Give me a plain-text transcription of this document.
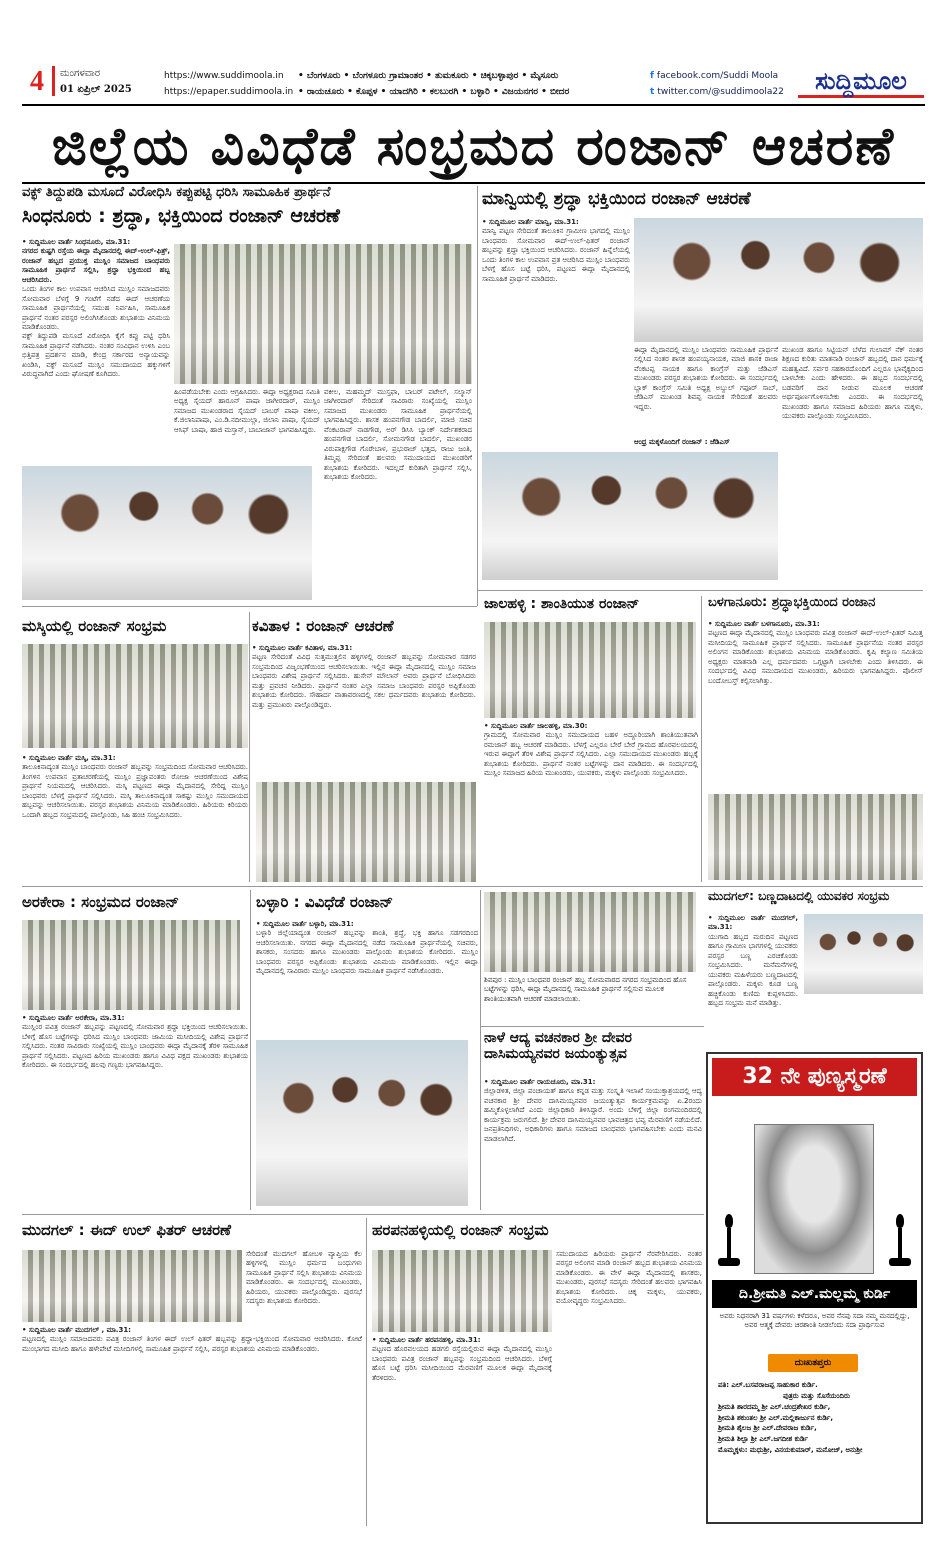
4 ಮಂಗಳವಾರ
01 ಏಪ್ರಿಲ್ 2025
https://www.suddimoola.in
https://epaper.suddimoola.in
• ಬೆಂಗಳೂರು • ಬೆಂಗಳೂರು ಗ್ರಾಮಾಂತರ • ತುಮಕೂರು • ಚಿಕ್ಕಬಳ್ಳಾಪುರ • ಮೈಸೂರು
• ರಾಯಚೂರು • ಕೊಪ್ಪಳ • ಯಾದಗಿರಿ • ಕಲಬುರಗಿ • ಬಳ್ಳಾರಿ • ವಿಜಯನಗರ • ಬೀದರ
f facebook.com/Suddi Moola
t twitter.com/@suddimoola22	ಸುದ್ದಿಮೂಲ
ಜಿಲ್ಲೆಯ ವಿವಿಧೆಡೆ ಸಂಭ್ರಮದ ರಂಜಾನ್ ಆಚರಣೆ
ವಕ್ಫ್ ತಿದ್ದುಪಡಿ ಮಸೂದೆ ವಿರೋಧಿಸಿ ಕಪ್ಪುಪಟ್ಟಿ ಧರಿಸಿ ಸಾಮೂಹಿಕ ಪ್ರಾರ್ಥನೆ
ಸಿಂಧನೂರು : ಶ್ರದ್ಧಾ, ಭಕ್ತಿಯಿಂದ ರಂಜಾನ್ ಆಚರಣೆ
• ಸುದ್ದಿಮೂಲ ವಾರ್ತೆ ಸಿಂಧನೂರು, ಮಾ.31:
ನಗರದ ಕುಷ್ಟಗಿ ರಸ್ತೆಯ ಈದ್ಗಾ ಮೈದಾನದಲ್ಲಿ ಈದ್-ಉಲ್-ಫಿತ್ರ್, ರಂಜಾನ್ ಹಬ್ಬದ ಪ್ರಯುಕ್ತ ಮುಸ್ಲಿಂ ಸಮಾಜದ ಬಾಂಧವರು ಸಾಮೂಹಿಕ ಪ್ರಾರ್ಥನೆ ಸಲ್ಲಿಸಿ, ಶ್ರದ್ಧಾ ಭಕ್ತಿಯಿಂದ ಹಬ್ಬ ಆಚರಿಸಿದರು.
ಒಂದು ತಿಂಗಳ ಕಾಲ ಉಪವಾಸ ಆಚರಿಸಿದ ಮುಸ್ಲಿಂ ಸಮಾಜದವರು ಸೋಮವಾರ ಬೆಳಗ್ಗೆ 9 ಗಂಟೆಗೆ ನಡೆದ ಈದ್ ಆಚರಣೆಯ ಸಾಮೂಹಿಕ ಪ್ರಾರ್ಥನೆಯಲ್ಲಿ ಸಮುಹ ನಿರ್ವಹಿಸಿ, ಸಾಮೂಹಿಕ ಪ್ರಾರ್ಥನೆ ನಂತರ ಪರಸ್ಪರ ಅಲಿಂಗಿಸಿಕೊಂಡು ಶುಭಾಶಯ ವಿನಿಮಯ ಮಾಡಿಕೊಂಡರು.
ವಕ್ಫ್ ತಿದ್ದುಪಡಿ ಮಸೂದೆ ವಿರೋಧಿಸಿ ಕೈಗೆ ಕಪ್ಪು ಪಟ್ಟಿ ಧರಿಸಿ ಸಾಮೂಹಿಕ ಪ್ರಾರ್ಥನೆ ನಡೆಸಿದರು. ನಂತರ ಸಂವಿಧಾನ ಉಳಿಸಿ ಎಂಬ ಭಿತ್ತಿಪತ್ರ ಪ್ರದರ್ಶನ ಮಾಡಿ, ಕೇಂದ್ರ ಸರ್ಕಾರದ ಅನ್ಯಾಯವನ್ನು ಖಂಡಿಸಿ, ವಕ್ಫ್ ಮಸೂದೆ ಮುಸ್ಲಿಂ ಸಮುದಾಯದ ಹಕ್ಕುಗಳಿಗೆ ವಿರುದ್ಧವಾಗಿದೆ ಎಂದು ಘೋಷಣೆ ಕೂಗಿದರು.
ಹಿಂಪಡೆಯಬೇಕು ಎಂದು ಆಗ್ರಹಿಸಿದರು. ಈದ್ಗಾ ಅಧ್ಯಕ್ಷರಾದ ಸಮಿತಿ ಅಧ್ಯಕ್ಷ ಸೈಯದ್ ಹಾರೂನ್ ಪಾಷಾ ಜಾಗೀರದಾರ್, ಮುಸ್ಲಿಂ ಸಮಾಜದ ಮುಖಂಡರಾದ ಸೈಯದ್ ಬಾಬರ್ ಪಾಷಾ ವಕೀಲ, ಕೆ.ಜಿಲಾನಿಪಾಷಾ, ಎಂ.ಡಿ.ನದೀಮುಲ್ಲಾ, ಜಿಲಾನಿ ಪಾಷಾ, ಸೈಯದ್ ಆಸಿಫ್ ಬಾಷಾ, ಹಾಜಿ ಮಸ್ತಾನ್, ಬಾಬಾಜಾನ್ ಭಾಗವಹಿಸಿದ್ದರು.
ವಕೀಲ, ಮಹಮ್ಮದ್ ಮುಸ್ತಫಾ, ಬಾಬರ್ ಪಟೇಲ್, ಸಲ್ಮಾನ್ ಜಾಗೀರದಾರ್ ಸೇರಿದಂತೆ ಸಾವಿರಾರು ಸಂಖ್ಯೆಯಲ್ಲಿ ಮುಸ್ಲಿಂ ಸಮಾಜದ ಮುಖಂಡರು ಸಾಮೂಹಿಕ ಪ್ರಾರ್ಥನೆಯಲ್ಲಿ ಭಾಗವಹಿಸಿದ್ದರು. ಶಾಸಕ ಹಂಪನಗೌಡ ಬಾದರ್ಲಿ, ಮಾಜಿ ಸಚಿವ ವೆಂಕಟರಾವ್ ನಾಡಗೌಡ, ಅರ್ ಡಿಸಿಸಿ ಬ್ಯಾಂಕ್ ನಿರ್ದೇಶಕರಾದ ಹಂಪನಗೌಡ ಬಾದರ್ಲಿ, ಸೋಮನಗೌಡ ಬಾದರ್ಲಿ, ಮುಖಂಡರ ವಿರುಪಾಕ್ಷಗೌಡ ಗೊರೇಬಾಳ, ಪ್ರಭುರಾಜ್ ಭತ್ತದ, ರಾಜು ಜಂತಿ, ತಿಮ್ಮಪ್ಪ ಸೇರಿದಂತೆ ಹಲವರು ಸಮುದಾಯದ ಮುಖಂಡರಿಗೆ ಶುಭಾಶಯ ಕೋರಿದರು. ಇದಲ್ಲದೆ ಕುರಿತಾಗಿ ಪ್ರಾರ್ಥನೆ ಸಲ್ಲಿಸಿ, ಶುಭಾಶಯ ಕೋರಿದರು.
ಮಾನ್ವಿಯಲ್ಲಿ ಶ್ರದ್ಧಾ ಭಕ್ತಿಯಿಂದ ರಂಜಾನ್ ಆಚರಣೆ
• ಸುದ್ದಿಮೂಲ ವಾರ್ತೆ ಮಾನ್ವಿ, ಮಾ.31:
ಮಾನ್ವಿ ಪಟ್ಟಣ ಸೇರಿದಂತೆ ತಾಲೂಕಿನ ಗ್ರಾಮೀಣ ಭಾಗದಲ್ಲಿ ಮುಸ್ಲಿಂ ಬಾಂಧವರು ಸೋಮವಾರ ಈದ್-ಉಲ್-ಫಿತರ್ ರಂಜಾನ್ ಹಬ್ಬವನ್ನು ಶ್ರದ್ಧಾ ಭಕ್ತಿಯಿಂದ ಆಚರಿಸಿದರು. ರಂಜಾನ್ ಹಿನ್ನೆಲೆಯಲ್ಲಿ ಒಂದು ತಿಂಗಳ ಕಾಲ ಉಪವಾಸ ವ್ರತ ಆಚರಿಸಿದ ಮುಸ್ಲಿಂ ಬಾಂಧವರು ಬೆಳಗ್ಗೆ ಹೊಸ ಬಟ್ಟೆ ಧರಿಸಿ, ಪಟ್ಟಣದ ಈದ್ಗಾ ಮೈದಾನದಲ್ಲಿ ಸಾಮೂಹಿಕ ಪ್ರಾರ್ಥನೆ ಮಾಡಿದರು.
ಈದ್ಗಾ ಮೈದಾನದಲ್ಲಿ ಮುಸ್ಲಿಂ ಬಾಂಧವರು ಸಾಮೂಹಿಕ ಪ್ರಾರ್ಥನೆ ಸಲ್ಲಿಸಿದ ನಂತರ ಶಾಸಕ ಹಂಪಯ್ಯನಾಯಕ, ಮಾಜಿ ಶಾಸಕ ರಾಜಾ ವೆಂಕಟಪ್ಪ ನಾಯಕ ಹಾಗೂ ಕಾಂಗ್ರೆಸ್ ಮತ್ತು ಜೆಡಿಎಸ್ ಮುಖಂಡರು ಪರಸ್ಪರ ಶುಭಾಶಯ ಕೋರಿದರು. ಈ ಸಂದರ್ಭದಲ್ಲಿ ಬ್ಲಾಕ್ ಕಾಂಗ್ರೆಸ್ ಸಮಿತಿ ಅಧ್ಯಕ್ಷ ಅಬ್ದುಲ್ ಗಫೂರ್ ಸಾಬ್, ಜೆಡಿಎಸ್ ಮುಖಂಡ ಶಿವಪ್ಪ ನಾಯಕ ಸೇರಿದಂತೆ ಹಲವರು ಇದ್ದರು.
ಮುಖಂಡ ಹಾಗೂ ಸಿಟ್ಟಿಯನ್ ಬೆಳೆದ ಗುಲಾಮ್ ನೆಕ್ ನಂತರ ಶಿಕ್ಷಣದ ಕುರಿತು ಮಾತನಾಡಿ ರಂಜಾನ್ ಹಬ್ಬದಲ್ಲಿ ದಾನ ಧರ್ಮಕ್ಕೆ ಮಹತ್ವವಿದೆ. ಸರ್ವರ ಸಹಕಾರದೊಂದಿಗೆ ಎಲ್ಲರೂ ಭಾವೈಕ್ಯದಿಂದ ಬಾಳಬೇಕು ಎಂದು ಹೇಳಿದರು. ಈ ಹಬ್ಬದ ಸಂದರ್ಭದಲ್ಲಿ ಬಡವರಿಗೆ ದಾನ ನೀಡುವ ಮೂಲಕ ಆಚರಣೆ ಅರ್ಥಪೂರ್ಣಗೊಳಿಸಬೇಕು ಎಂದರು. ಈ ಸಂದರ್ಭದಲ್ಲಿ ಮುಖಂಡರು ಹಾಗೂ ಸಮಾಜದ ಹಿರಿಯರು ಹಾಗೂ ಮಕ್ಕಳು, ಯುವಕರು ಪಾಲ್ಗೊಂಡು ಸಂಭ್ರಮಿಸಿದರು.
ಆಂಧ್ರ ಮಕ್ಕಳೊಂದಿಗೆ ರಂಜಾನ್ : ಜೆಡಿಎಸ್
ಮಸ್ಕಿಯಲ್ಲಿ ರಂಜಾನ್ ಸಂಭ್ರಮ
• ಸುದ್ದಿಮೂಲ ವಾರ್ತೆ ಮಸ್ಕಿ, ಮಾ.31:
ತಾಲೂಕಿನಾದ್ಯಂತ ಮುಸ್ಲಿಂ ಬಾಂಧವರು ರಂಜಾನ್ ಹಬ್ಬವನ್ನು ಸಂಭ್ರಮದಿಂದ ಸೋಮವಾರ ಆಚರಿಸಿದರು. ತಿಂಗಳಿನ ಉಪವಾಸ ವ್ರತಾಚರಣೆಯಲ್ಲಿ ಮುಸ್ಲಿಂ ಪ್ರಜ್ಞಾವಂತರು ರೋಜಾ ಆಚರಣೆಯಿಂದ ವಿಶೇಷ ಪ್ರಾರ್ಥನೆ ನಿಯಮದಲ್ಲಿ ಆಚರಿಸಿದರು. ಮಸ್ಕಿ ಪಟ್ಟಣದ ಈದ್ಗಾ ಮೈದಾನದಲ್ಲಿ ಸೇರಿದ್ದ ಮುಸ್ಲಿಂ ಬಾಂಧವರು ಬೆಳಗ್ಗೆ ಪ್ರಾರ್ಥನೆ ಸಲ್ಲಿಸಿದರು. ಮಸ್ಕಿ ತಾಲೂಕಿನಾದ್ಯಂತ ಸಾಕಷ್ಟು ಮುಸ್ಲಿಂ ಸಮುದಾಯದ ಹಬ್ಬವನ್ನು ಆಚರಿಸಲಾಯಿತು. ಪರಸ್ಪರ ಶುಭಾಶಯ ವಿನಿಮಯ ಮಾಡಿಕೊಂಡರು. ಹಿರಿಯರು ಕಿರಿಯರು ಒಂದಾಗಿ ಹಬ್ಬದ ಸಂಭ್ರಮದಲ್ಲಿ ಪಾಲ್ಗೊಂಡು, ಸಿಹಿ ಹಂಚಿ ಸಂಭ್ರಮಿಸಿದರು.
ಕವಿತಾಳ : ರಂಜಾನ್ ಆಚರಣೆ
• ಸುದ್ದಿಮೂಲ ವಾರ್ತೆ ಕವಿತಾಳ, ಮಾ.31:
ಪಟ್ಟಣ ಸೇರಿದಂತೆ ವಿವಿಧ ಸುತ್ತಮುತ್ತಲಿನ ಹಳ್ಳಿಗಳಲ್ಲಿ ರಂಜಾನ್ ಹಬ್ಬವನ್ನು ಸೋಮವಾರ ಸಡಗರ ಸಂಭ್ರಮದಿಂದ ವಿಜೃಂಭಣೆಯಿಂದ ಆಚರಿಸಲಾಯಿತು. ಇಲ್ಲಿನ ಈದ್ಗಾ ಮೈದಾನದಲ್ಲಿ ಮುಸ್ಲಿಂ ಸಮಾಜ ಬಾಂಧವರು ವಿಶೇಷ ಪ್ರಾರ್ಥನೆ ಸಲ್ಲಿಸಿದರು. ಹುಸೇನ್ ಮೌಲಾನ್ ಅವರು ಪ್ರಾರ್ಥನೆ ಬೋಧಿಸಿದರು ಮತ್ತು ಪ್ರವಚನ ನೀಡಿದರು. ಪ್ರಾರ್ಥನೆ ನಂತರ ಎಲ್ಲಾ ಸಮಾಜ ಬಾಂಧವರು ಪರಸ್ಪರ ಅಪ್ಪಿಕೊಂಡು ಶುಭಾಶಯ ಕೋರಿದರು. ಸೌಹಾರ್ದ ವಾತಾವರಣದಲ್ಲಿ ಸಕಲ ಧರ್ಮದವರು ಶುಭಾಶಯ ಕೋರಿದರು. ಮತ್ತು ಪ್ರಮುಖರು ಪಾಲ್ಗೊಂಡಿದ್ದರು.
ಜಾಲಹಳ್ಳಿ : ಶಾಂತಿಯುತ ರಂಜಾನ್
• ಸುದ್ದಿಮೂಲ ವಾರ್ತೆ ಜಾಲಹಳ್ಳಿ, ಮಾ.30:
ಗ್ರಾಮದಲ್ಲಿ ಸೋಮವಾರ ಮುಸ್ಲಿಂ ಸಮುದಾಯದ ಬಹಳ ಅದ್ದೂರಿಯಾಗಿ ಶಾಂತಿಯುತವಾಗಿ ರಮಜಾನ್ ಹಬ್ಬ ಆಚರಣೆ ಮಾಡಿದರು. ಬೆಳಗ್ಗೆ ಎಲ್ಲರೂ ಬೇರೆ ಬೇರೆ ಗ್ರಾಮದ ಹೊರವಲಯದಲ್ಲಿ ಇರುವ ಈದ್ಗಾಗೆ ತೆರಳಿ ವಿಶೇಷ ಪ್ರಾರ್ಥನೆ ಸಲ್ಲಿಸಿದರು. ಎಲ್ಲಾ ಸಮುದಾಯದ ಮುಖಂಡರು ಹಬ್ಬಕ್ಕೆ ಶುಭಾಶಯ ಕೋರಿದರು. ಪ್ರಾರ್ಥನೆ ನಂತರ ಬಟ್ಟೆಗಳನ್ನು ದಾನ ಮಾಡಿದರು. ಈ ಸಂದರ್ಭದಲ್ಲಿ ಮುಸ್ಲಿಂ ಸಮಾಜದ ಹಿರಿಯ ಮುಖಂಡರು, ಯುವಕರು, ಮಕ್ಕಳು ಪಾಲ್ಗೊಂಡು ಸಂಭ್ರಮಿಸಿದರು.
ಬಳಗಾನೂರು: ಶ್ರದ್ಧಾಭಕ್ತಿಯಿಂದ ರಂಜಾನ
• ಸುದ್ದಿಮೂಲ ವಾರ್ತೆ ಬಳಗಾನೂರು, ಮಾ.31:
ಪಟ್ಟಣದ ಈದ್ಗಾ ಮೈದಾನದಲ್ಲಿ ಮುಸ್ಲಿಂ ಬಾಂಧವರು ಪವಿತ್ರ ರಂಜಾನ್ ಈದ್-ಉಲ್-ಫಿತರ್ ನಿಮಿತ್ತ ಮಸೀದಿಯಲ್ಲಿ ಸಾಮೂಹಿಕ ಪ್ರಾರ್ಥನೆ ಸಲ್ಲಿಸಿದರು. ಸಾಮೂಹಿಕ ಪ್ರಾರ್ಥನೆಯ ನಂತರ ಪರಸ್ಪರ ಅಲಿಂಗನ ಮಾಡಿಕೊಂಡು ಶುಭಾಶಯ ವಿನಿಮಯ ಮಾಡಿಕೊಂಡರು. ಕೃಷಿ ಕಲ್ಯಾಣ ಸಮಿತಿಯ ಅಧ್ಯಕ್ಷರು ಮಾತನಾಡಿ ಎಲ್ಲ ಧರ್ಮದವರು ಒಗ್ಗಟ್ಟಾಗಿ ಬಾಳಬೇಕು ಎಂದು ತಿಳಿಸಿದರು. ಈ ಸಂದರ್ಭದಲ್ಲಿ ವಿವಿಧ ಸಮುದಾಯದ ಮುಖಂಡರು, ಹಿರಿಯರು ಭಾಗವಹಿಸಿದ್ದರು. ಪೊಲೀಸ್ ಬಂದೋಬಸ್ತ್ ಕಲ್ಪಿಸಲಾಗಿತ್ತು.
ಅರಕೇರಾ : ಸಂಭ್ರಮದ ರಂಜಾನ್
• ಸುದ್ದಿಮೂಲ ವಾರ್ತೆ ಅರಕೇರಾ, ಮಾ.31:
ಮುಸ್ಲಿಂರ ಪವಿತ್ರ ರಂಜಾನ್ ಹಬ್ಬವನ್ನು ಪಟ್ಟಣದಲ್ಲಿ ಸೋಮವಾರ ಶ್ರದ್ಧಾ ಭಕ್ತಿಯಿಂದ ಆಚರಿಸಲಾಯಿತು. ಬೆಳಿಗ್ಗೆ ಹೊಸ ಬಟ್ಟೆಗಳನ್ನು ಧರಿಸಿದ ಮುಸ್ಲಿಂ ಬಾಂಧವರು ಜಾಮಿಯ ಮಸೀದಿಯಲ್ಲಿ ವಿಶೇಷ ಪ್ರಾರ್ಥನೆ ಸಲ್ಲಿಸಿದರು. ನಂತರ ಸಾವಿರಾರು ಸಂಖ್ಯೆಯಲ್ಲಿ ಮುಸ್ಲಿಂ ಬಾಂಧವರು ಈದ್ಗಾ ಮೈದಾನಕ್ಕೆ ತೆರಳಿ ಸಾಮೂಹಿಕ ಪ್ರಾರ್ಥನೆ ಸಲ್ಲಿಸಿದರು. ಪಟ್ಟಣದ ಹಿರಿಯ ಮುಖಂಡರು ಹಾಗೂ ವಿವಿಧ ಪಕ್ಷದ ಮುಖಂಡರು ಶುಭಾಶಯ ಕೋರಿದರು. ಈ ಸಂದರ್ಭದಲ್ಲಿ ಹಲವು ಗಣ್ಯರು ಭಾಗವಹಿಸಿದ್ದರು.
ಬಳ್ಳಾರಿ : ವಿವಿಧೆಡೆ ರಂಜಾನ್
• ಸುದ್ದಿಮೂಲ ವಾರ್ತೆ ಬಳ್ಳಾರಿ, ಮಾ.31:
ಬಳ್ಳಾರಿ ಜಿಲ್ಲೆಯಾದ್ಯಂತ ರಂಜಾನ್ ಹಬ್ಬವನ್ನು ಶಾಂತಿ, ಶ್ರದ್ಧೆ, ಭಕ್ತಿ ಹಾಗೂ ಸಡಗರದಿಂದ ಆಚರಿಸಲಾಯಿತು. ನಗರದ ಈದ್ಗಾ ಮೈದಾನದಲ್ಲಿ ನಡೆದ ಸಾಮೂಹಿಕ ಪ್ರಾರ್ಥನೆಯಲ್ಲಿ ಸಚಿವರು, ಶಾಸಕರು, ಸಂಸದರು ಹಾಗೂ ಮುಖಂಡರು ಪಾಲ್ಗೊಂಡು ಶುಭಾಶಯ ಕೋರಿದರು. ಮುಸ್ಲಿಂ ಬಾಂಧವರು ಪರಸ್ಪರ ಅಪ್ಪಿಕೊಂಡು ಶುಭಾಶಯ ವಿನಿಮಯ ಮಾಡಿಕೊಂಡರು. ಇಲ್ಲಿನ ಈದ್ಗಾ ಮೈದಾನದಲ್ಲಿ ಸಾವಿರಾರು ಮುಸ್ಲಿಂ ಬಾಂಧವರು ಸಾಮೂಹಿಕ ಪ್ರಾರ್ಥನೆ ನಡೆಸಿಕೊಂಡರು.
ಶಿವಪುರ : ಮುಸ್ಲಿಂ ಬಾಂಧವರ ರಂಜಾನ್ ಹಬ್ಬ ಸೋಮವಾರದ ನಗರದ ಸಂಭ್ರಮದಿಂದ ಹೊಸ ಬಟ್ಟೆಗಳನ್ನು ಧರಿಸಿ, ಈದ್ಗಾ ಮೈದಾನದಲ್ಲಿ ಸಾಮೂಹಿಕ ಪ್ರಾರ್ಥನೆ ಸಲ್ಲಿಸುವ ಮೂಲಕ ಶಾಂತಿಯುತವಾಗಿ ಆಚರಣೆ ಮಾಡಲಾಯಿತು.
ಮುದಗಲ್: ಬಣ್ಣದಾಟದಲ್ಲಿ ಯುವಕರ ಸಂಭ್ರಮ
• ಸುದ್ದಿಮೂಲ ವಾರ್ತೆ ಮುದಗಲ್, ಮಾ.31:
ಯುಗಾದಿ ಹಬ್ಬದ ಮರುದಿನ ಪಟ್ಟಣದ ಹಾಗೂ ಗ್ರಾಮೀಣ ಭಾಗಗಳಲ್ಲಿ ಯುವಕರು ಪರಸ್ಪರ ಬಣ್ಣ ಎರಚಿಕೊಂಡು ಸಂಭ್ರಮಿಸಿದರು. ಮನೆಮನೆಗಳಲ್ಲಿ ಯುವಕರು ಮಹಿಳೆಯರು ಬಣ್ಣದಾಟದಲ್ಲಿ ಪಾಲ್ಗೊಂಡರು. ಮಕ್ಕಳು ಕೂಡ ಬಣ್ಣ ಹಚ್ಚಿಕೊಂಡು ಕುಣಿದು ಕುಪ್ಪಳಿಸಿದರು. ಹಬ್ಬದ ಸಂಭ್ರಮ ಮನೆ ಮಾಡಿತ್ತು.
ನಾಳೆ ಆದ್ಯ ವಚನಕಾರ ಶ್ರೀ ದೇವರ ದಾಸಿಮಯ್ಯನವರ ಜಯಂತ್ಯುತ್ಸವ
• ಸುದ್ದಿಮೂಲ ವಾರ್ತೆ ರಾಯಚೂರು, ಮಾ.31:
ಜಿಲ್ಲಾಡಳಿತ, ಜಿಲ್ಲಾ ಪಂಚಾಯತ್ ಹಾಗೂ ಕನ್ನಡ ಮತ್ತು ಸಂಸ್ಕೃತಿ ಇಲಾಖೆ ಸಂಯುಕ್ತಾಶ್ರಯದಲ್ಲಿ ಆದ್ಯ ವಚನಕಾರ ಶ್ರೀ ದೇವರ ದಾಸಿಮಯ್ಯನವರ ಜಯಂತ್ಯುತ್ಸವ ಕಾರ್ಯಕ್ರಮವನ್ನು ಏ.2ರಂದು ಹಮ್ಮಿಕೊಳ್ಳಲಾಗಿದೆ ಎಂದು ಜಿಲ್ಲಾಧಿಕಾರಿ ತಿಳಿಸಿದ್ದಾರೆ. ಅಂದು ಬೆಳಿಗ್ಗೆ ಜಿಲ್ಲಾ ರಂಗಮಂದಿರದಲ್ಲಿ ಕಾರ್ಯಕ್ರಮ ಜರುಗಲಿದೆ. ಶ್ರೀ ದೇವರ ದಾಸಿಮಯ್ಯನವರ ಭಾವಚಿತ್ರದ ಭವ್ಯ ಮೆರವಣಿಗೆ ನಡೆಯಲಿದೆ. ಜನಪ್ರತಿನಿಧಿಗಳು, ಅಧಿಕಾರಿಗಳು ಹಾಗೂ ಸಮಾಜದ ಬಾಂಧವರು ಭಾಗವಹಿಸಬೇಕು ಎಂದು ಮನವಿ ಮಾಡಲಾಗಿದೆ.
ಮುದಗಲ್ : ಈದ್ ಉಲ್ ಫಿತರ್ ಆಚರಣೆ
ಸೇರಿದಂತೆ ಮುದಗಲ್ ಹೋಬಳಿ ವ್ಯಾಪ್ತಿಯ ಕೆಲ ಹಳ್ಳಿಗಳಲ್ಲಿ ಮುಸ್ಲಿಂ ಧರ್ಮದ ಬಂಧುಗಳು ಸಾಮೂಹಿಕ ಪ್ರಾರ್ಥನೆ ಸಲ್ಲಿಸಿ ಶುಭಾಶಯ ವಿನಿಮಯ ಮಾಡಿಕೊಂಡರು. ಈ ಸಂದರ್ಭದಲ್ಲಿ ಮುಖಂಡರು, ಹಿರಿಯರು, ಯುವಕರು ಪಾಲ್ಗೊಂಡಿದ್ದರು. ಪುರಸಭೆ ಸದಸ್ಯರು ಶುಭಾಶಯ ಕೋರಿದರು.
• ಸುದ್ದಿಮೂಲ ವಾರ್ತೆ ಮುದಗಲ್ , ಮಾ.31:
ಪಟ್ಟಣದಲ್ಲಿ ಮುಸ್ಲಿಂ ಸಮಾಜದವರು ಪವಿತ್ರ ರಂಜಾನ್ ತಿಂಗಳ ಈದ್ ಉಲ್ ಫಿತರ್ ಹಬ್ಬವನ್ನು ಶ್ರದ್ಧಾ-ಭಕ್ತಿಯಿಂದ ಸೋಮವಾರ ಆಚರಿಸಿದರು. ಕೋಟೆ ಮುಂಭಾಗದ ಮಸೀದಿ ಹಾಗೂ ಹಳೇಪೇಟೆ ಮಸೀದಿಗಳಲ್ಲಿ ಸಾಮೂಹಿಕ ಪ್ರಾರ್ಥನೆ ಸಲ್ಲಿಸಿ, ಪರಸ್ಪರ ಶುಭಾಶಯ ವಿನಿಮಯ ಮಾಡಿಕೊಂಡರು.
ಹರಪನಹಳ್ಳಿಯಲ್ಲಿ ರಂಜಾನ್ ಸಂಭ್ರಮ
ಸಮುದಾಯದ ಹಿರಿಯರು ಪ್ರಾರ್ಥನೆ ನೆರವೇರಿಸಿದರು. ನಂತರ ಪರಸ್ಪರ ಅಲಿಂಗನ ಮಾಡಿ ರಂಜಾನ್ ಹಬ್ಬದ ಶುಭಾಶಯ ವಿನಿಮಯ ಮಾಡಿಕೊಂಡರು. ಈ ವೇಳೆ ಈದ್ಗಾ ಮೈದಾನದಲ್ಲಿ ಶಾಸಕರು, ಮುಖಂಡರು, ಪುರಸಭೆ ಸದಸ್ಯರು ಸೇರಿದಂತೆ ಹಲವರು ಭಾಗವಹಿಸಿ ಶುಭಾಶಯ ಕೋರಿದರು. ಚಿಕ್ಕ ಮಕ್ಕಳು, ಯುವಕರು, ವಯೋವೃದ್ಧರು ಸಂಭ್ರಮಿಸಿದರು.
• ಸುದ್ದಿಮೂಲ ವಾರ್ತೆ ಹರಪನಹಳ್ಳಿ, ಮಾ.31:
ಪಟ್ಟಣದ ಹೊರವಲಯದ ಹಡಗಲಿ ರಸ್ತೆಯಲ್ಲಿರುವ ಈದ್ಗಾ ಮೈದಾನದಲ್ಲಿ ಮುಸ್ಲಿಂ ಬಾಂಧವರು ಪವಿತ್ರ ರಂಜಾನ್ ಹಬ್ಬವನ್ನು ಸಂಭ್ರಮದಿಂದ ಆಚರಿಸಿದರು. ಬೆಳಿಗ್ಗೆ ಹೊಸ ಬಟ್ಟೆ ಧರಿಸಿ ಮಸೀದಿಯಿಂದ ಮೆರವಣಿಗೆ ಮೂಲಕ ಈದ್ಗಾ ಮೈದಾನಕ್ಕೆ ತೆರಳಿದರು.
32 ನೇ ಪುಣ್ಯಸ್ಮರಣೆ
ದಿ.ಶ್ರೀಮತಿ ಎಲ್.ಮಲ್ಲಮ್ಮ ಕುರ್ಡಿ
ಅವರು ನಿಧನರಾಗಿ 31 ವರ್ಷಗಳು ಕಳೆದರೂ, ಅವರ ನೆನಪು ಸದಾ ನಮ್ಮ ಮನದಲ್ಲಿದ್ದು, ಅವರ ಆತ್ಮಕ್ಕೆ ದೇವರು ಚಿರಶಾಂತಿ ನೀಡಲೆಂದು ಸದಾ ಪ್ರಾರ್ಥಿಸುವ
ದುಃಖತಪ್ತರು
ಪತಿ: ಎಲ್.ಬಸವರಾಜಪ್ಪ ಸಾಹುಕಾರ ಕುರ್ಡಿ.
ಪುತ್ರರು ಮತ್ತು ಸೊಸೆಯಂದಿರು
ಶ್ರೀಮತಿ ಶಾರದಮ್ಮ ಶ್ರೀ ಎಲ್.ಚಂದ್ರಶೇಖರ ಕುರ್ಡಿ,
ಶ್ರೀಮತಿ ಶಕುಂತಲ ಶ್ರೀ ಎಲ್.ಮಲ್ಲಿಕಾರ್ಜುನ ಕುರ್ಡಿ,
ಶ್ರೀಮತಿ ಶೈಲಜ ಶ್ರೀ ಎಲ್.ದೇವರಾಜ ಕುರ್ಡಿ,
ಶ್ರೀಮತಿ ಶಿಲ್ಪಾ ಶ್ರೀ ಎಲ್.ಜಗದೀಶ ಕುರ್ಡಿ
ಮೊಮ್ಮಕ್ಕಳು: ಮಧುಶ್ರೀ, ವಿನಯಕುಮಾರ್, ಮನೋಜ್, ಅನುಶ್ರೀ
